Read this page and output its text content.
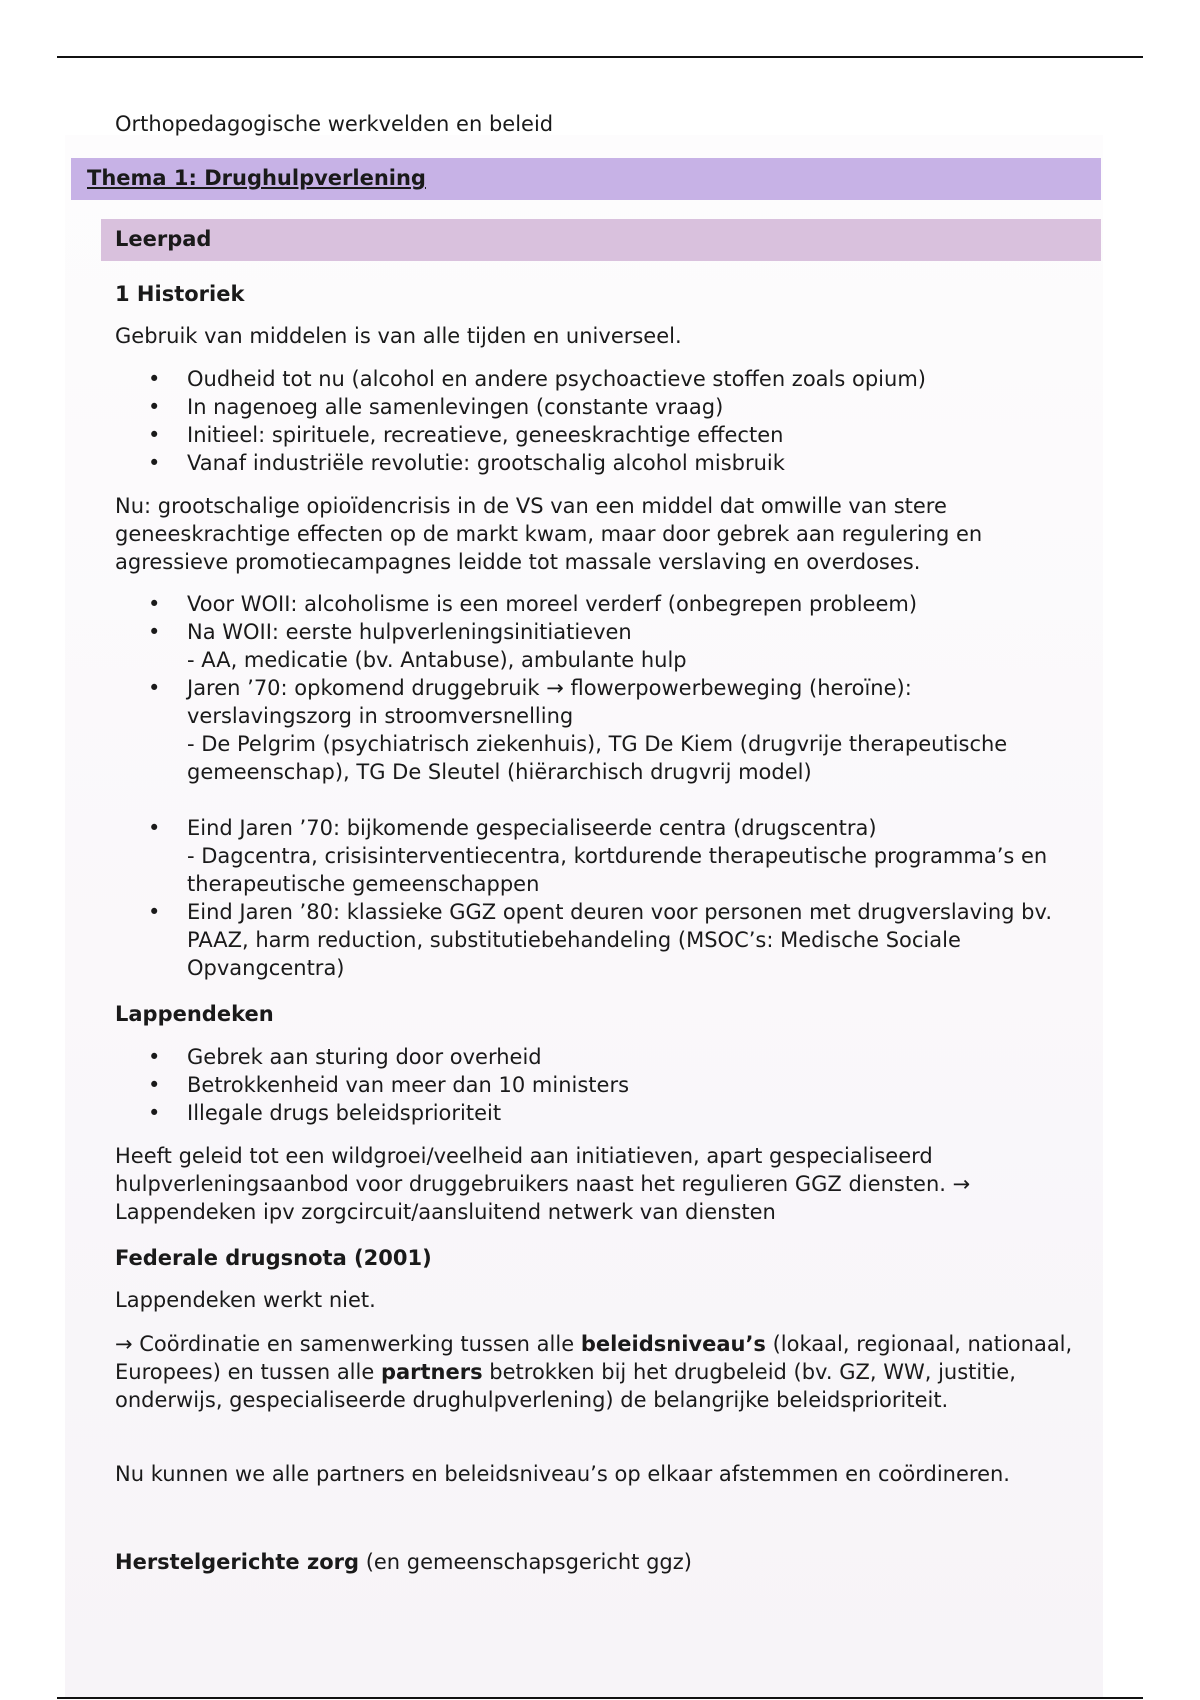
Orthopedagogische werkvelden en beleid
Thema 1: Drughulpverlening
Leerpad
1 Historiek
Gebruik van middelen is van alle tijden en universeel.
• Oudheid tot nu (alcohol en andere psychoactieve stoffen zoals opium)
• In nagenoeg alle samenlevingen (constante vraag)
• Initieel: spirituele, recreatieve, geneeskrachtige effecten
• Vanaf industriële revolutie: grootschalig alcohol misbruik
Nu: grootschalige opioïdencrisis in de VS van een middel dat omwille van stere geneeskrachtige effecten op de markt kwam, maar door gebrek aan regulering en agressieve promotiecampagnes leidde tot massale verslaving en overdoses.
• Voor WOII: alcoholisme is een moreel verderf (onbegrepen probleem)
• Na WOII: eerste hulpverleningsinitiatieven
- AA, medicatie (bv. Antabuse), ambulante hulp
• Jaren ’70: opkomend druggebruik → flowerpowerbeweging (heroïne): verslavingszorg in stroomversnelling
- De Pelgrim (psychiatrisch ziekenhuis), TG De Kiem (drugvrije therapeutische gemeenschap), TG De Sleutel (hiërarchisch drugvrij model)
• Eind Jaren ’70: bijkomende gespecialiseerde centra (drugscentra)
- Dagcentra, crisisinterventiecentra, kortdurende therapeutische programma’s en therapeutische gemeenschappen
• Eind Jaren ’80: klassieke GGZ opent deuren voor personen met drugverslaving bv. PAAZ, harm reduction, substitutiebehandeling (MSOC’s: Medische Sociale Opvangcentra)
Lappendeken
• Gebrek aan sturing door overheid
• Betrokkenheid van meer dan 10 ministers
• Illegale drugs beleidsprioriteit
Heeft geleid tot een wildgroei/veelheid aan initiatieven, apart gespecialiseerd hulpverleningsaanbod voor druggebruikers naast het regulieren GGZ diensten. → Lappendeken ipv zorgcircuit/aansluitend netwerk van diensten
Federale drugsnota (2001)
Lappendeken werkt niet.
→ Coördinatie en samenwerking tussen alle beleidsniveau’s (lokaal, regionaal, nationaal, Europees) en tussen alle partners betrokken bij het drugbeleid (bv. GZ, WW, justitie, onderwijs, gespecialiseerde drughulpverlening) de belangrijke beleidsprioriteit.
Nu kunnen we alle partners en beleidsniveau’s op elkaar afstemmen en coördineren.
Herstelgerichte zorg (en gemeenschapsgericht ggz)
